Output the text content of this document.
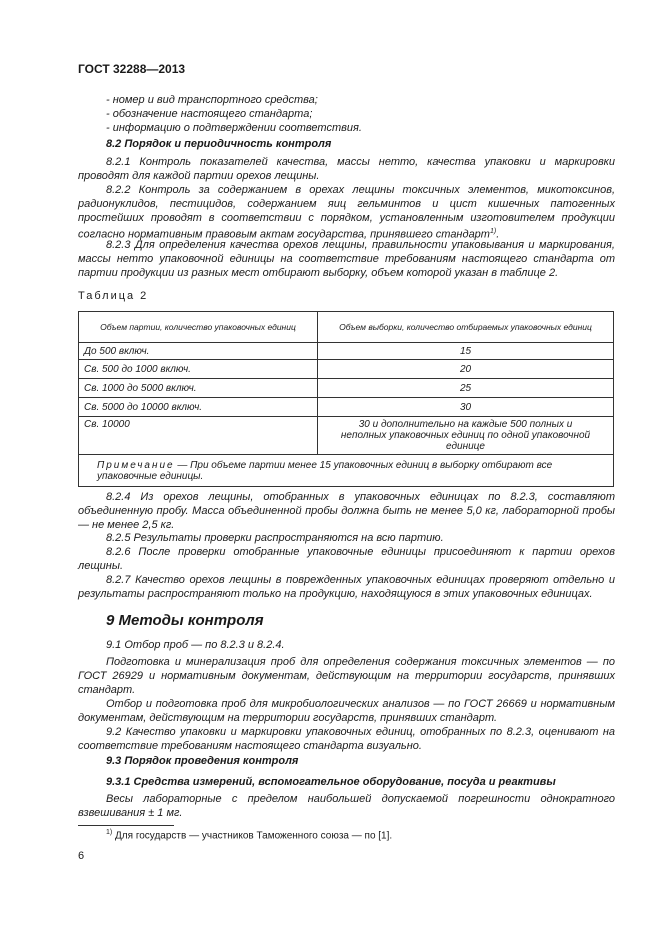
ГОСТ 32288—2013
- номер и вид транспортного средства;
- обозначение настоящего стандарта;
- информацию о подтверждении соответствия.
8.2 Порядок и периодичность контроля
8.2.1 Контроль показателей качества, массы нетто, качества упаковки и маркировки проводят для каждой партии орехов лещины.
8.2.2 Контроль за содержанием в орехах лещины токсичных элементов, микотоксинов, радионуклидов, пестицидов, содержанием яиц гельминтов и цист кишечных патогенных простейших проводят в соответствии с порядком, установленным изготовителем продукции согласно нормативным правовым актам государства, принявшего стандарт$^{1)}$.
8.2.3 Для определения качества орехов лещины, правильности упаковывания и маркирования, массы нетто упаковочной единицы на соответствие требованиям настоящего стандарта от партии продукции из разных мест отбирают выборку, объем которой указан в таблице 2.
Таблица 2
Объем партии, количество упаковочных единиц	Объем выборки, количество отбираемых упаковочных единиц
До 500 включ.	15
Св. 500 до 1000 включ.	20
Св. 1000 до 5000 включ.	25
Св. 5000 до 10000 включ.	30
Св. 10000	30 и дополнительно на каждые 500 полных и неполных упаковочных единиц по одной упаковочной единице
Примечание — При объеме партии менее 15 упаковочных единиц в выборку отбирают все упаковочные единицы.	
8.2.4 Из орехов лещины, отобранных в упаковочных единицах по 8.2.3, составляют объединенную пробу. Масса объединенной пробы должна быть не менее 5,0 кг, лабораторной пробы — не менее 2,5 кг.
8.2.5 Результаты проверки распространяются на всю партию.
8.2.6 После проверки отобранные упаковочные единицы присоединяют к партии орехов лещины.
8.2.7 Качество орехов лещины в поврежденных упаковочных единицах проверяют отдельно и результаты распространяют только на продукцию, находящуюся в этих упаковочных единицах.
9 Методы контроля
9.1 Отбор проб — по 8.2.3 и 8.2.4.
Подготовка и минерализация проб для определения содержания токсичных элементов — по ГОСТ 26929 и нормативным документам, действующим на территории государств, принявших стандарт.
Отбор и подготовка проб для микробиологических анализов — по ГОСТ 26669 и нормативным документам, действующим на территории государств, принявших стандарт.
9.2 Качество упаковки и маркировки упаковочных единиц, отобранных по 8.2.3, оценивают на соответствие требованиям настоящего стандарта визуально.
9.3 Порядок проведения контроля
9.3.1 Средства измерений, вспомогательное оборудование, посуда и реактивы
Весы лабораторные с пределом наибольшей допускаемой погрешности однократного взвешивания ± 1 мг.
$^{1)}$ Для государств — участников Таможенного союза — по [1].
6
